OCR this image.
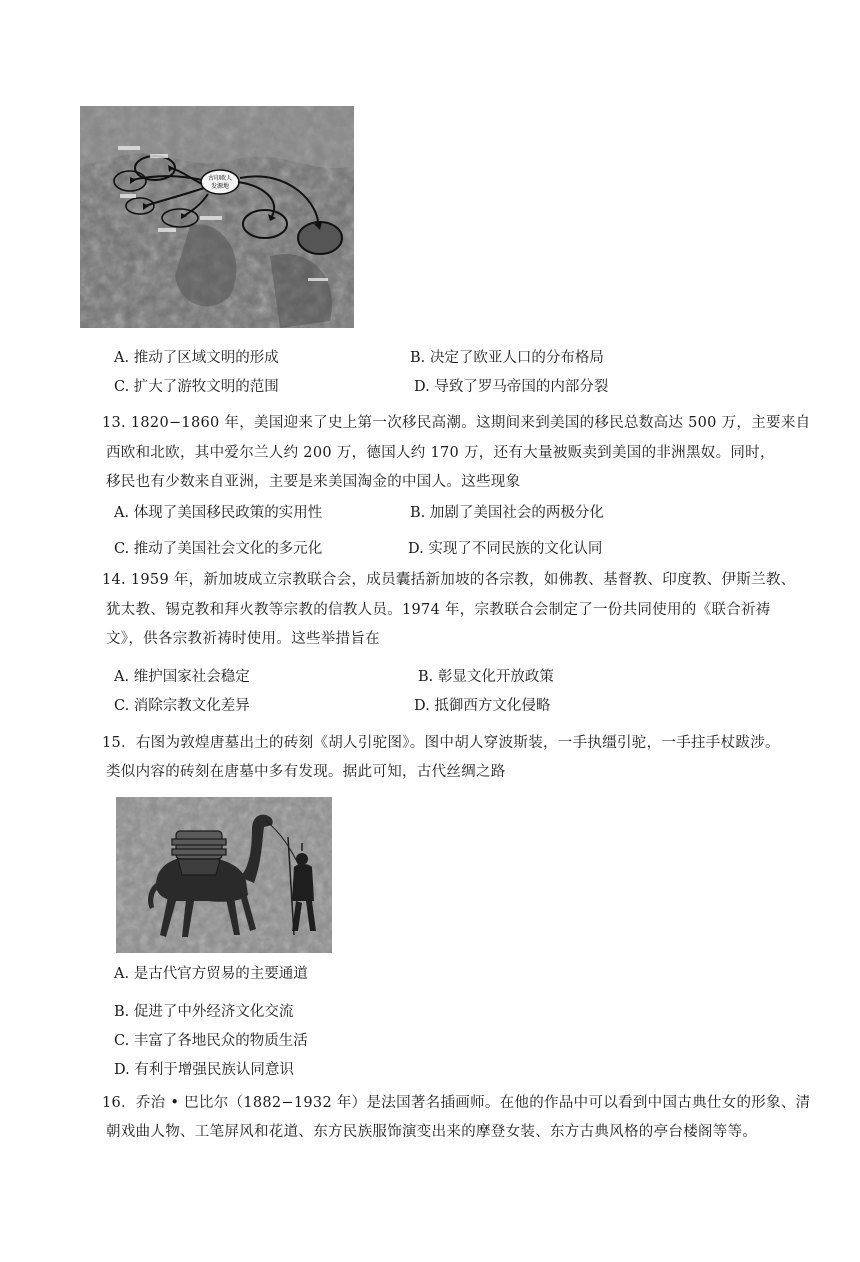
古印欧人
发源地
A. 推动了区域文明的形成	B. 决定了欧亚人口的分布格局
C. 扩大了游牧文明的范围	D. 导致了罗马帝国的内部分裂
13. 1820−1860 年，美国迎来了史上第一次移民高潮。这期间来到美国的移民总数高达 500 万，主要来自
西欧和北欧，其中爱尔兰人约 200 万，德国人约 170 万，还有大量被贩卖到美国的非洲黑奴。同时，
移民也有少数来自亚洲，主要是来美国淘金的中国人。这些现象
A. 体现了美国移民政策的实用性	B. 加剧了美国社会的两极分化
C. 推动了美国社会文化的多元化	D. 实现了不同民族的文化认同
14. 1959 年，新加坡成立宗教联合会，成员囊括新加坡的各宗教，如佛教、基督教、印度教、伊斯兰教、
犹太教、锡克教和拜火教等宗教的信教人员。1974 年，宗教联合会制定了一份共同使用的《联合祈祷
文》，供各宗教祈祷时使用。这些举措旨在
A. 维护国家社会稳定	B. 彰显文化开放政策
C. 消除宗教文化差异	D. 抵御西方文化侵略
15．右图为敦煌唐墓出土的砖刻《胡人引驼图》。图中胡人穿波斯装，一手执缰引驼，一手拄手杖跋涉。
类似内容的砖刻在唐墓中多有发现。据此可知，古代丝绸之路
A. 是古代官方贸易的主要通道
B. 促进了中外经济文化交流
C. 丰富了各地民众的物质生活
D. 有利于增强民族认同意识
16．乔治 • 巴比尔（1882−1932 年）是法国著名插画师。在他的作品中可以看到中国古典仕女的形象、清
朝戏曲人物、工笔屏风和花道、东方民族服饰演变出来的摩登女装、东方古典风格的亭台楼阁等等。
